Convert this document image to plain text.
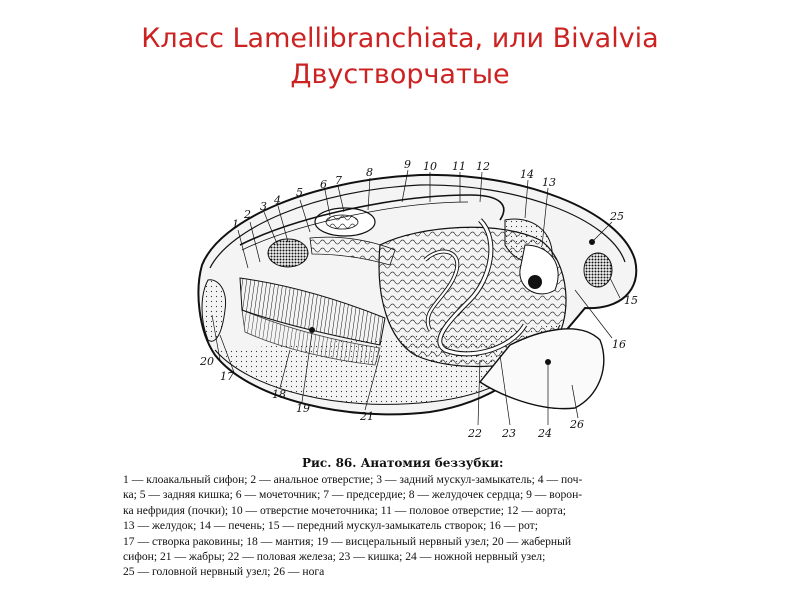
Класс Lamellibranchiata, или Bivalvia
Двустворчатые
1
2
3 4
5
6 7
8
9 10 11 12
14
13
25
15
16
20
17
18
19
21
22 23 24
26
Рис. 86. Анатомия беззубки:
1 — клоакальный сифон; 2 — анальное отверстие; 3 — задний мускул-замыкатель; 4 — поч-
ка; 5 — задняя кишка; 6 — мочеточник; 7 — предсердие; 8 — желудочек сердца; 9 — ворон-
ка нефридия (почки); 10 — отверстие мочеточника; 11 — половое отверстие; 12 — аорта;
13 — желудок; 14 — печень; 15 — передний мускул-замыкатель створок; 16 — рот;
17 — створка раковины; 18 — мантия; 19 — висцеральный нервный узел; 20 — жаберный
сифон; 21 — жабры; 22 — половая железа; 23 — кишка; 24 — ножной нервный узел;
25 — головной нервный узел; 26 — нога
